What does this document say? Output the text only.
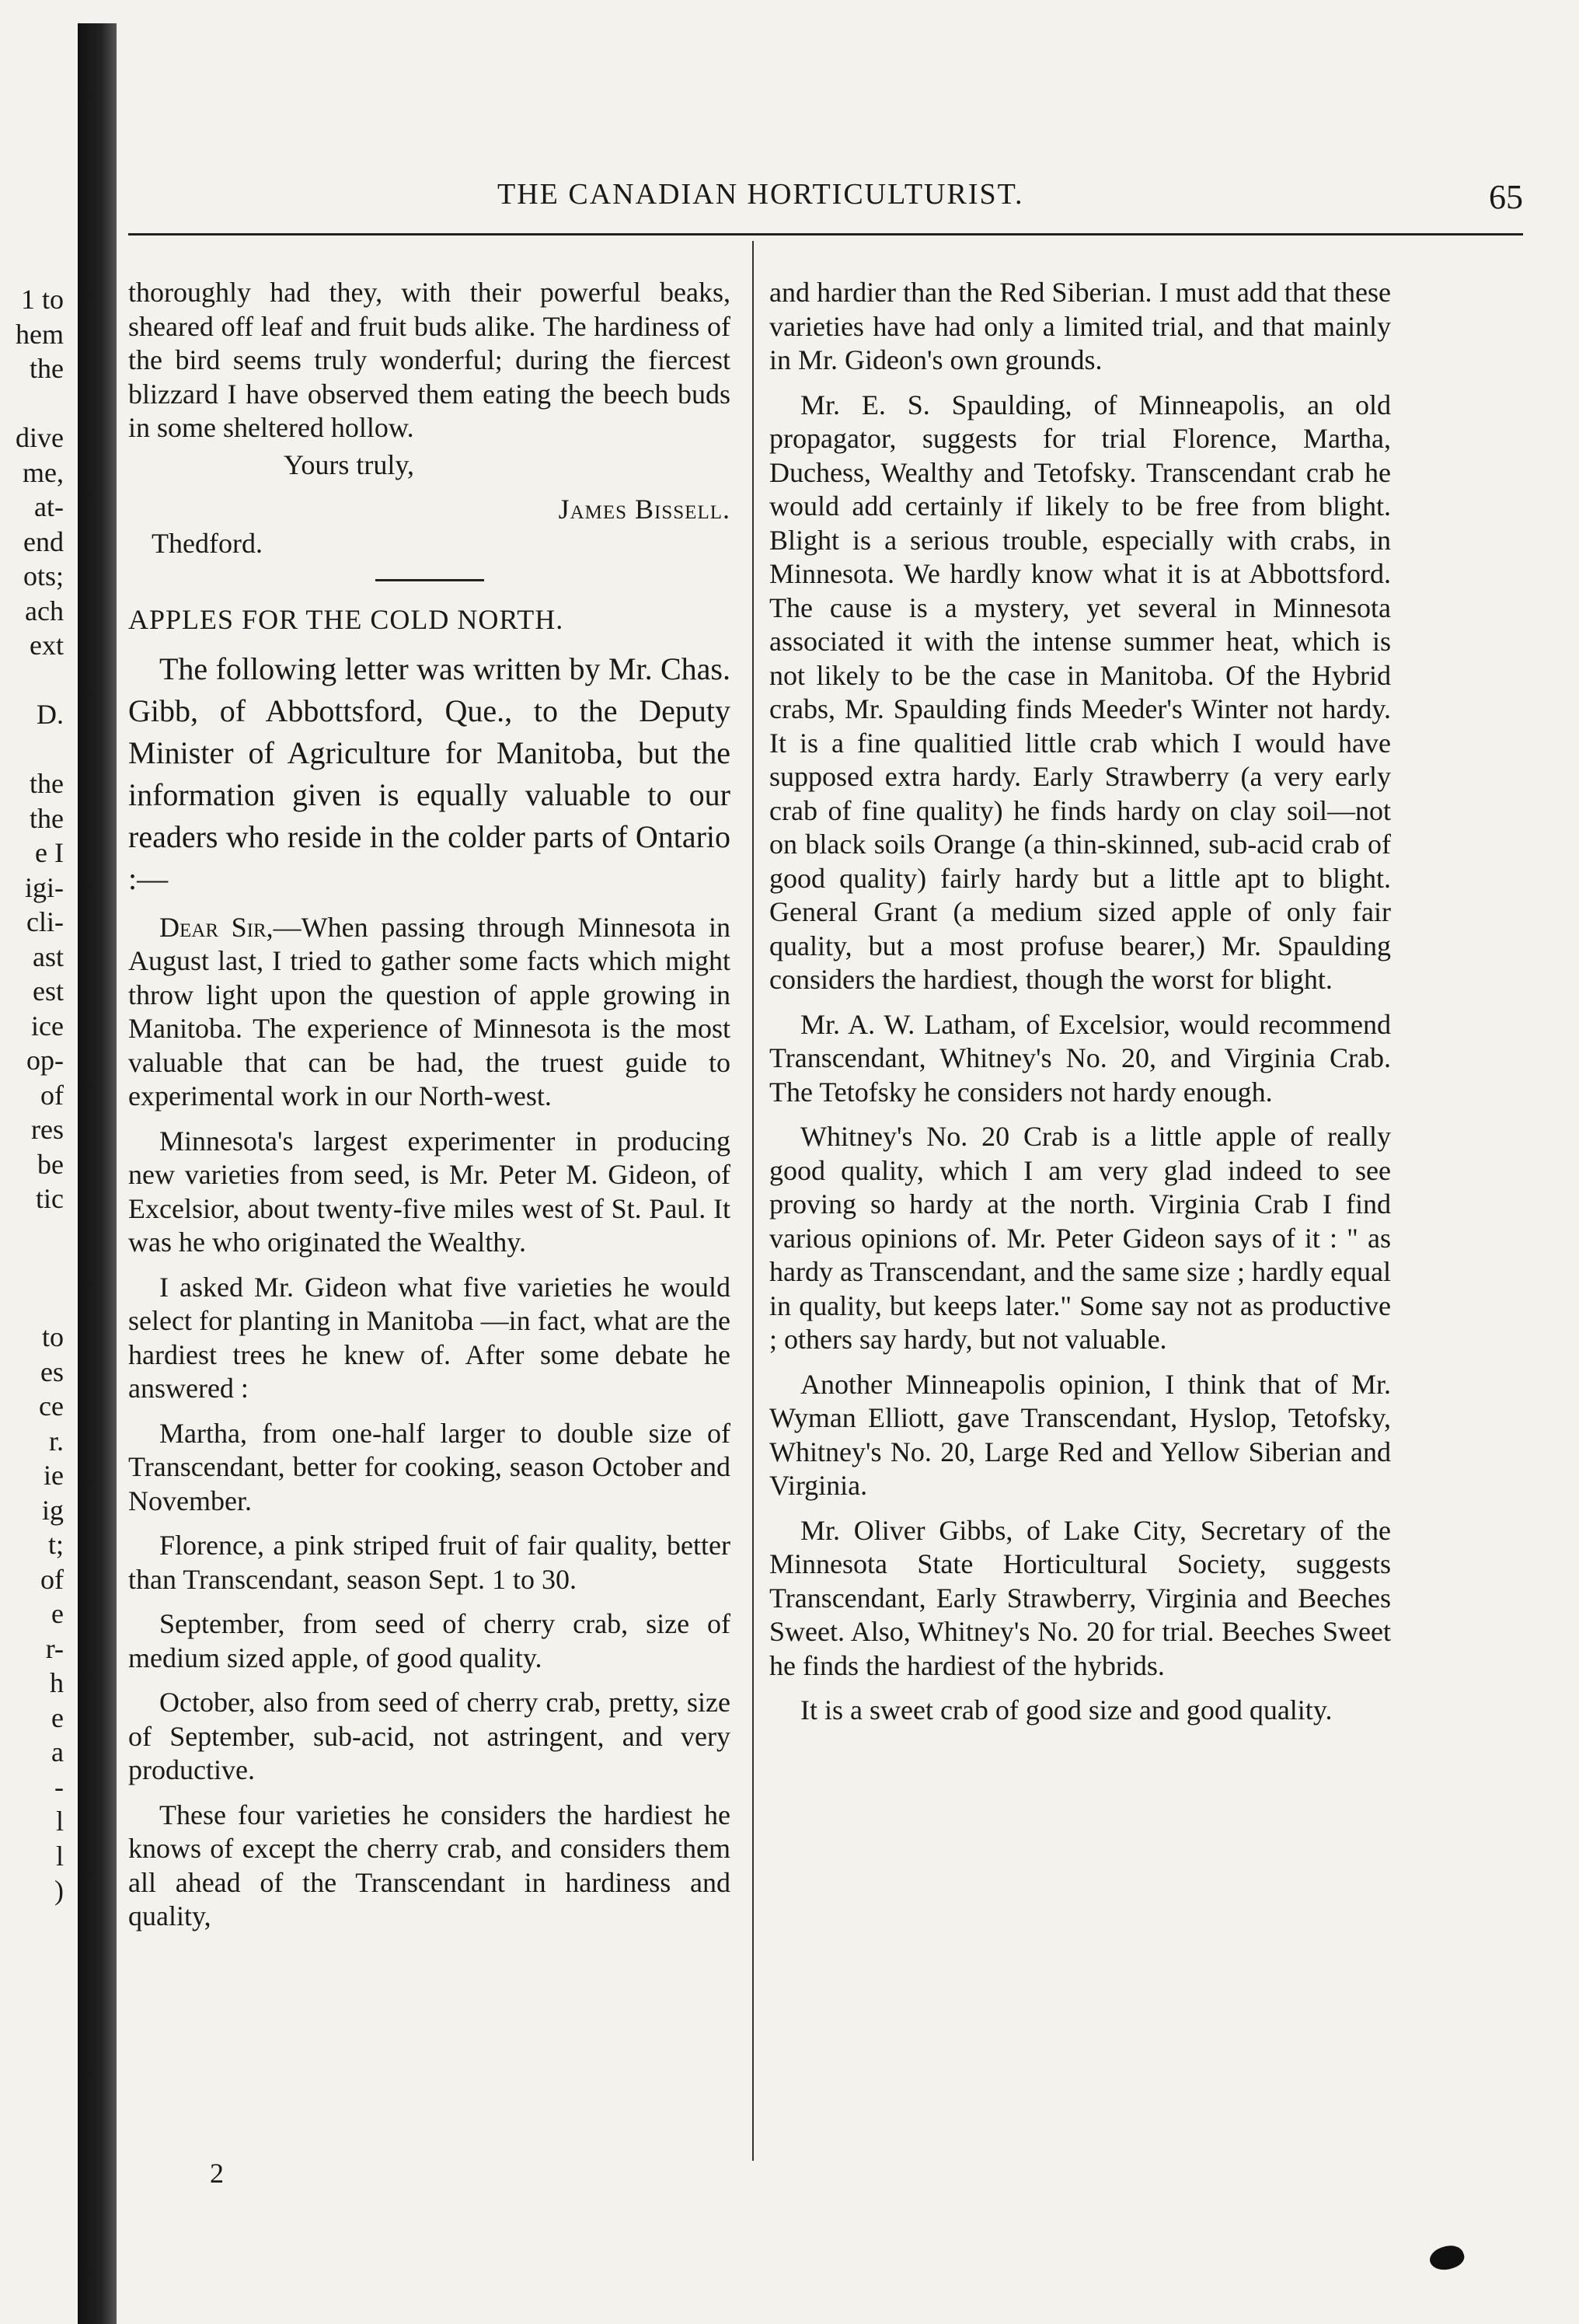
1 to
hem
the
dive
me,
at-
end
ots;
ach
ext
D.
the
the
e I
igi-
cli-
ast
est
ice
op-
of
res
be
tic
to
es
ce
r.
ie
ig
t;
of
e
r-
h
e
a
-
l
l
)
THE CANADIAN HORTICULTURIST.	65

thoroughly had they, with their powerful beaks, sheared off leaf and fruit buds alike. The hardiness of the bird seems truly wonderful; during the fiercest blizzard I have observed them eating the beech buds in some sheltered hollow.

Yours truly,

James Bissell.
Thedford.

APPLES FOR THE COLD NORTH.

The following letter was written by Mr. Chas. Gibb, of Abbottsford, Que., to the Deputy Minister of Agriculture for Manitoba, but the information given is equally valuable to our readers who reside in the colder parts of Ontario :—

Dear Sir,—When passing through Minnesota in August last, I tried to gather some facts which might throw light upon the question of apple growing in Manitoba. The experience of Minnesota is the most valuable that can be had, the truest guide to experimental work in our North-west.

Minnesota's largest experimenter in producing new varieties from seed, is Mr. Peter M. Gideon, of Excelsior, about twenty-five miles west of St. Paul. It was he who originated the Wealthy.

I asked Mr. Gideon what five varieties he would select for planting in Manitoba —in fact, what are the hardiest trees he knew of. After some debate he answered :

Martha, from one-half larger to double size of Transcendant, better for cooking, season October and November.

Florence, a pink striped fruit of fair quality, better than Transcendant, season Sept. 1 to 30.

September, from seed of cherry crab, size of medium sized apple, of good quality.

October, also from seed of cherry crab, pretty, size of September, sub-acid, not astringent, and very productive.

These four varieties he considers the hardiest he knows of except the cherry crab, and considers them all ahead of the Transcendant in hardiness and quality,

2

and hardier than the Red Siberian. I must add that these varieties have had only a limited trial, and that mainly in Mr. Gideon's own grounds.

Mr. E. S. Spaulding, of Minneapolis, an old propagator, suggests for trial Florence, Martha, Duchess, Wealthy and Tetofsky. Transcendant crab he would add certainly if likely to be free from blight. Blight is a serious trouble, especially with crabs, in Minnesota. We hardly know what it is at Abbottsford. The cause is a mystery, yet several in Minnesota associated it with the intense summer heat, which is not likely to be the case in Manitoba. Of the Hybrid crabs, Mr. Spaulding finds Meeder's Winter not hardy. It is a fine qualitied little crab which I would have supposed extra hardy. Early Strawberry (a very early crab of fine quality) he finds hardy on clay soil—not on black soils Orange (a thin-skinned, sub-acid crab of good quality) fairly hardy but a little apt to blight. General Grant (a medium sized apple of only fair quality, but a most profuse bearer,) Mr. Spaulding considers the hardiest, though the worst for blight.

Mr. A. W. Latham, of Excelsior, would recommend Transcendant, Whitney's No. 20, and Virginia Crab. The Tetofsky he considers not hardy enough.

Whitney's No. 20 Crab is a little apple of really good quality, which I am very glad indeed to see proving so hardy at the north. Virginia Crab I find various opinions of. Mr. Peter Gideon says of it : " as hardy as Transcendant, and the same size ; hardly equal in quality, but keeps later." Some say not as productive ; others say hardy, but not valuable.

Another Minneapolis opinion, I think that of Mr. Wyman Elliott, gave Transcendant, Hyslop, Tetofsky, Whitney's No. 20, Large Red and Yellow Siberian and Virginia.

Mr. Oliver Gibbs, of Lake City, Secretary of the Minnesota State Horticultural Society, suggests Transcendant, Early Strawberry, Virginia and Beeches Sweet. Also, Whitney's No. 20 for trial. Beeches Sweet he finds the hardiest of the hybrids.

It is a sweet crab of good size and good quality.
